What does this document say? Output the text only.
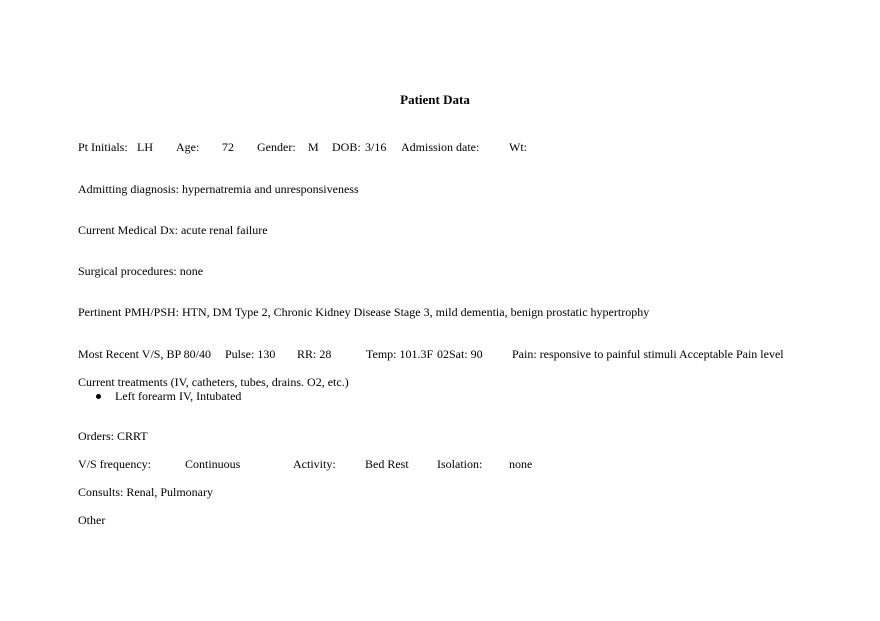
Patient Data
Pt Initials: LH Age: 72 Gender: M DOB: 3/16 Admission date: Wt:
Admitting diagnosis: hypernatremia and unresponsiveness
Current Medical Dx: acute renal failure
Surgical procedures: none
Pertinent PMH/PSH: HTN, DM Type 2, Chronic Kidney Disease Stage 3, mild dementia, benign prostatic hypertrophy
Most Recent V/S, BP 80/40 Pulse: 130 RR: 28	Temp: 101.3F 02Sat: 90 Pain: responsive to painful stimuli Acceptable Pain level
Current treatments (IV, catheters, tubes, drains. O2, etc.)
Left forearm IV, Intubated
Orders: CRRT
V/S frequency:	Continuous	Activity: Bed Rest Isolation: none
Consults: Renal, Pulmonary
Other
